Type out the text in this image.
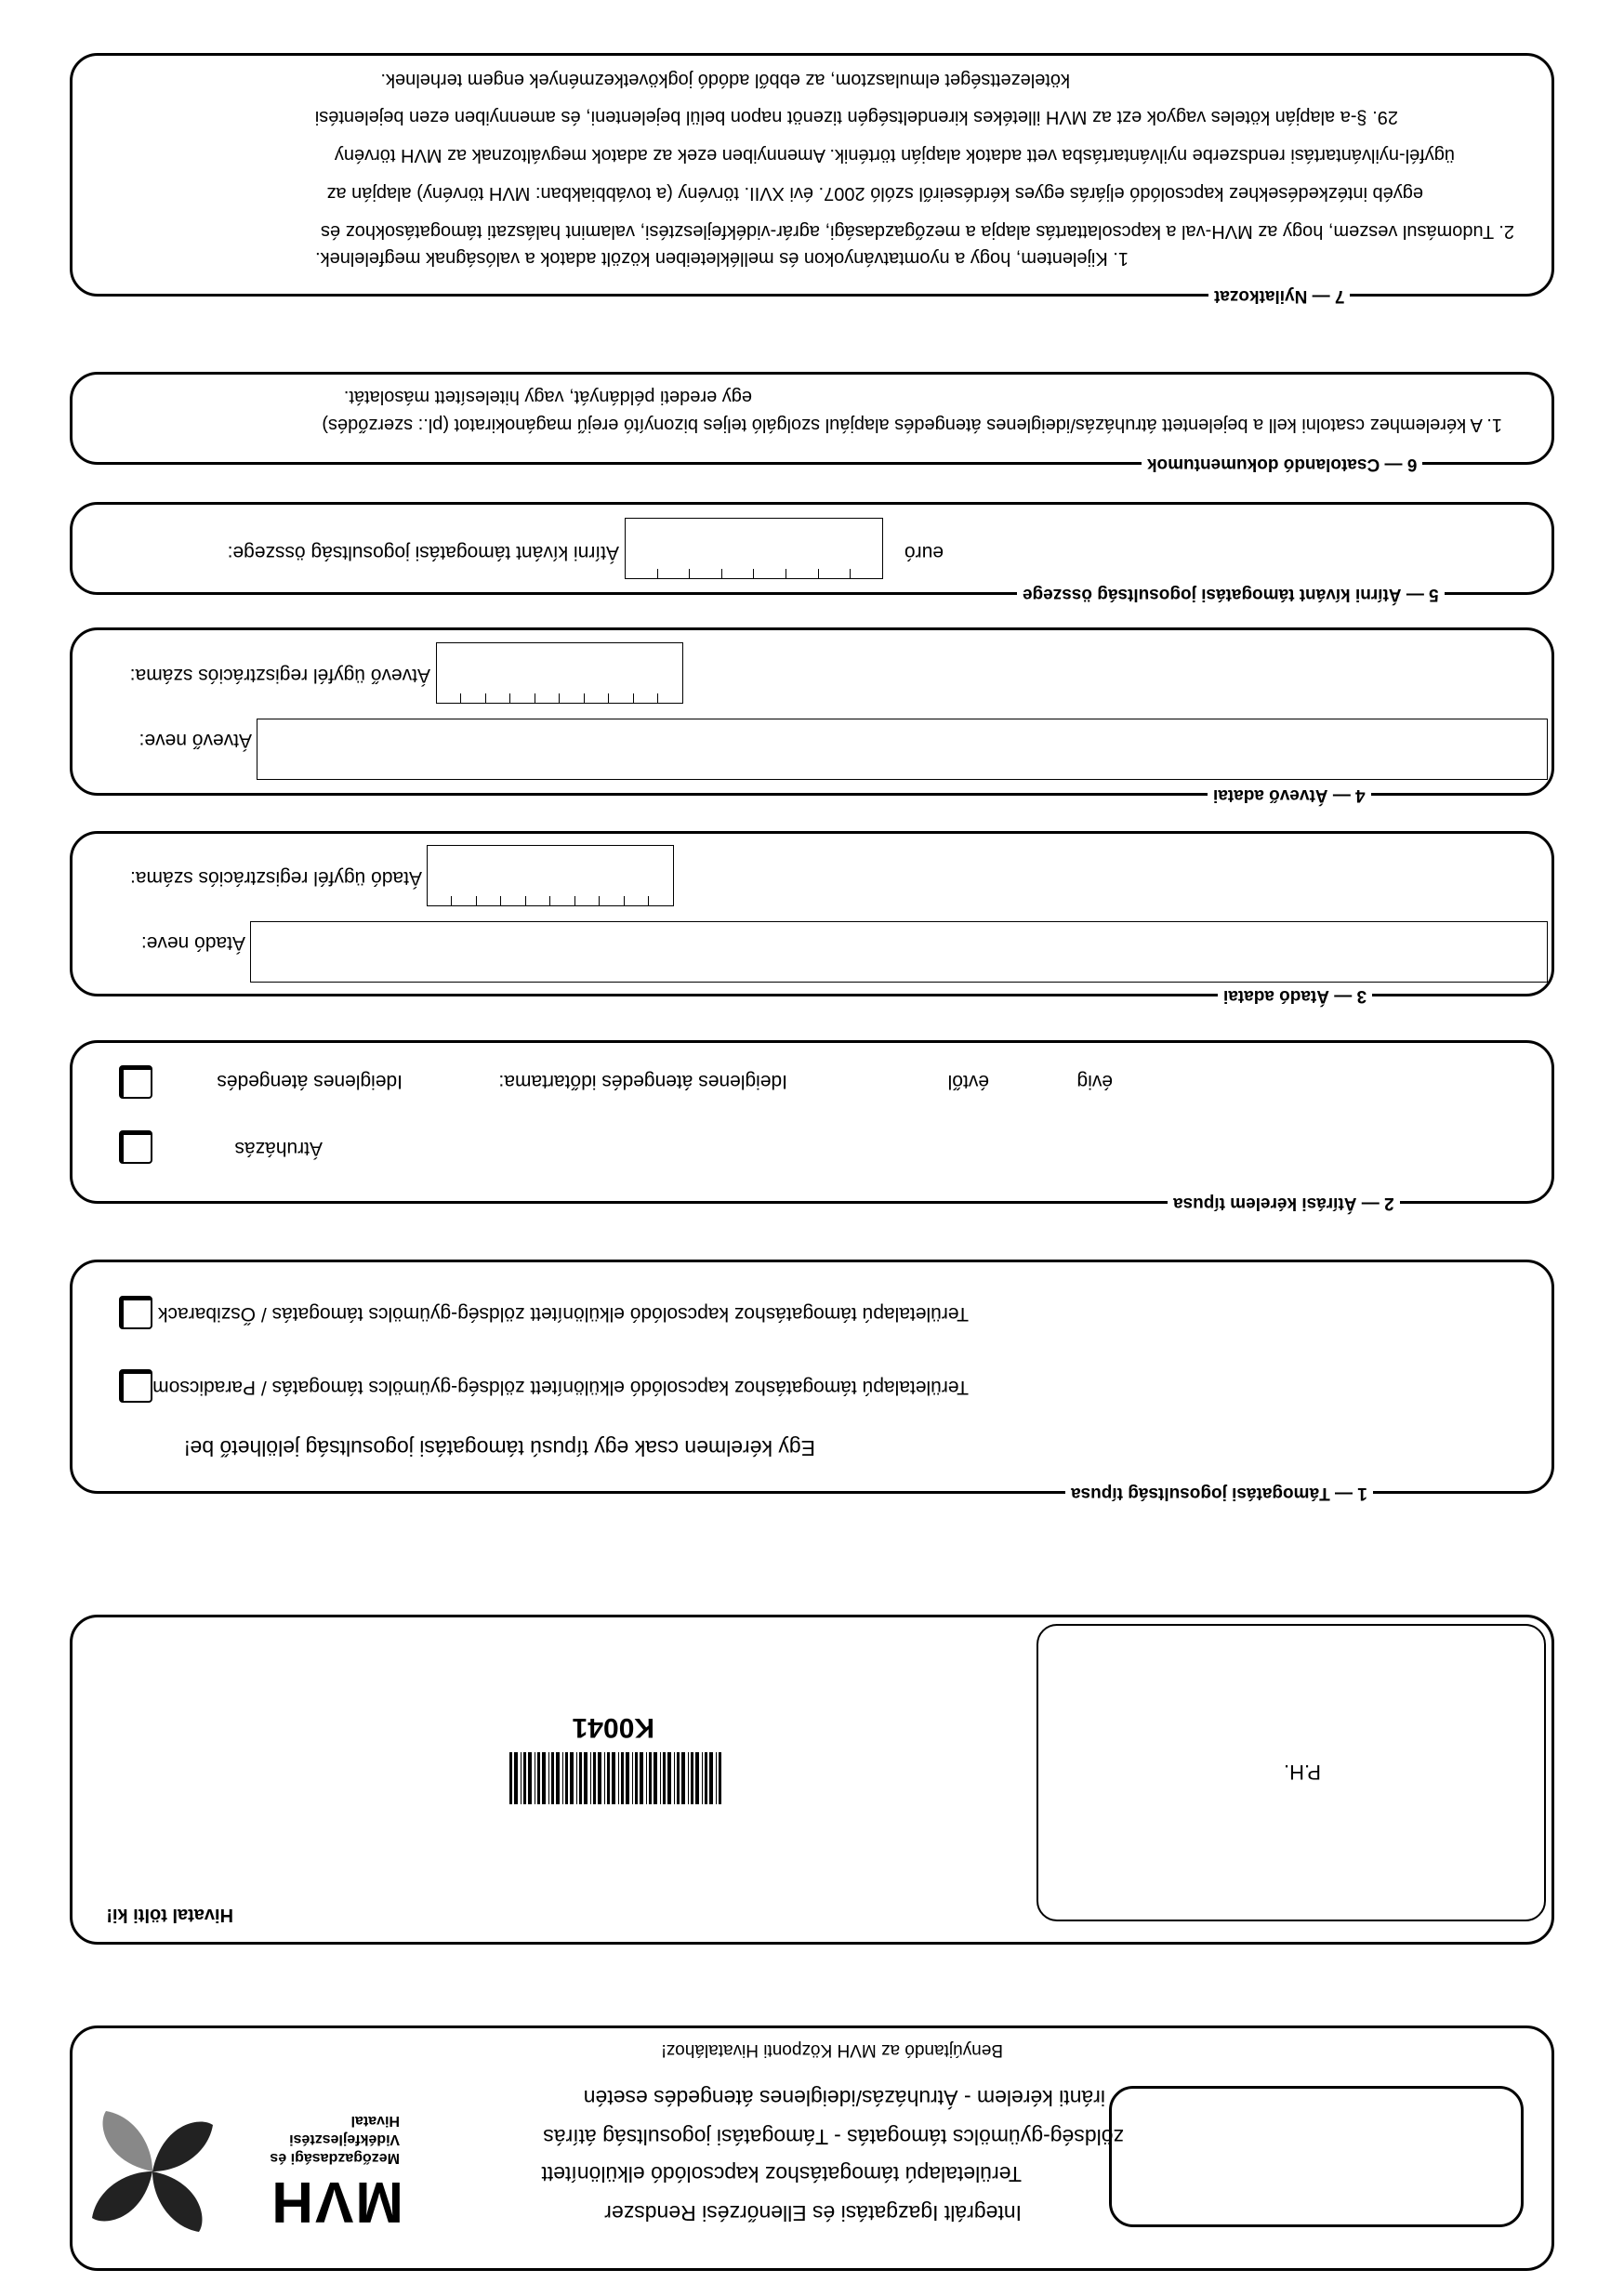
Integrált Igazgatási és Ellenőrzési Rendszer
Területalapú támogatáshoz kapcsolódó elkülönített
zöldség-gyümölcs támogatás - Támogatási jogosultság átírás
iránti kérelem - Átruházás/ideiglenes átengedés esetén
Benyújtandó az MVH Központi Hivatalához!
MVH
Mezőgazdasági és
Vidékfejlesztési
Hivatal
P.H.
K0041
Hivatal tölti ki!
1 — Támogatási jogosultság típusa
Egy kérelmen csak egy típusú támogatási jogosultság jelölhető be!
Területalapú támogatáshoz kapcsolódó elkülönített zöldség-gyümölcs támogatás / Paradicsom
Területalapú támogatáshoz kapcsolódó elkülönített zöldség-gyümölcs támogatás / Őszibarack
2 — Átírási kérelem típusa
Átruházás
Ideiglenes átengedés	Ideiglenes átengedés időtartama:	évtől	évig
3 — Átadó adatai
Átadó neve:
Átadó ügyfél regisztrációs száma:
4 — Átvevő adatai
Átvevő neve:
Átvevő ügyfél regisztrációs száma:
5 — Átírni kívánt támogatási jogosultság összege
Átírni kívánt támogatási jogosultság összege:	euró
6 — Csatolandó dokumentumok
1. A kérelemhez csatolni kell a bejelentett átruházás/ideiglenes átengedés alapjául szolgáló teljes bizonyító erejű magánokiratot (pl.: szerződés)
egy eredeti példányát, vagy hitelesített másolatát.
7 — Nyilatkozat
1. Kijelentem, hogy a nyomtatványokon és mellékleteiben közölt adatok a valóságnak megfelelnek.
2. Tudomásul veszem, hogy az MVH-val a kapcsolattartás alapja a mezőgazdasági, agrár-vidékfejlesztési, valamint halászati támogatásokhoz és
egyéb intézkedésekhez kapcsolódó eljárás egyes kérdéseiről szóló 2007. évi XVII. törvény (a továbbiakban: MVH törvény) alapján az
ügyfél-nyilvántartási rendszerbe nyilvántartásba vett adatok alapján történik. Amennyiben ezek az adatok megváltoznak az MVH törvény
29. §-a alapján köteles vagyok ezt az MVH illetékes kirendeltségén tizenöt napon belül bejelenteni, és amennyiben ezen bejelentési
kötelezettséget elmulasztom, az ebből adódó jogkövetkezmények engem terhelnek.
